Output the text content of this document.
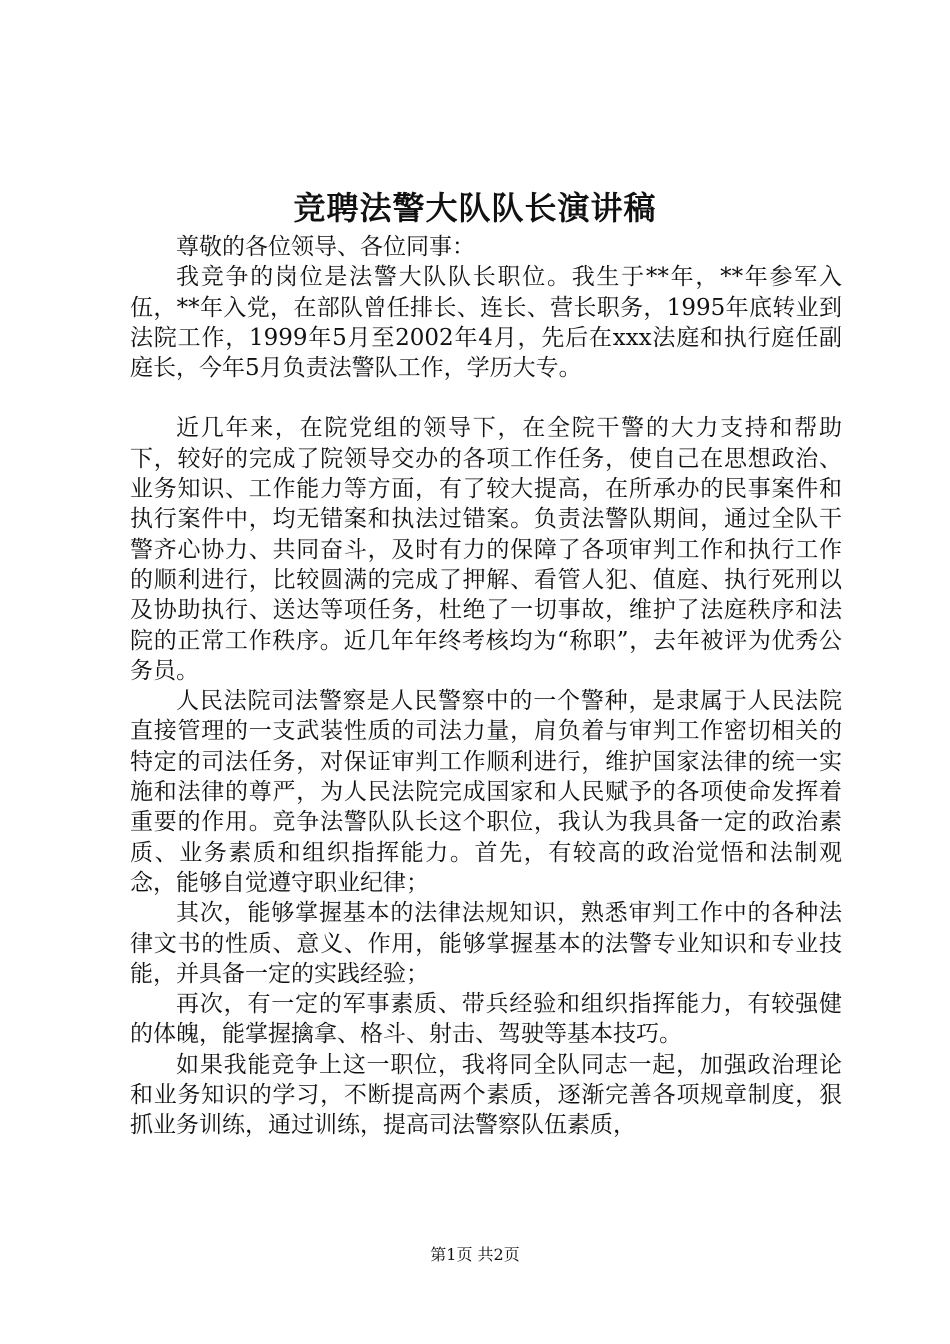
竞聘法警大队队长演讲稿

尊敬的各位领导、各位同事：

我竞争的岗位是法警大队队长职位。我生于**年，**年参军入伍，**年入党，在部队曾任排长、连长、营长职务，1995年底转业到法院工作，1999年5月至2002年4月，先后在xxx法庭和执行庭任副庭长，今年5月负责法警队工作，学历大专。

近几年来，在院党组的领导下，在全院干警的大力支持和帮助下，较好的完成了院领导交办的各项工作任务，使自己在思想政治、业务知识、工作能力等方面，有了较大提高，在所承办的民事案件和执行案件中，均无错案和执法过错案。负责法警队期间，通过全队干警齐心协力、共同奋斗，及时有力的保障了各项审判工作和执行工作的顺利进行，比较圆满的完成了押解、看管人犯、值庭、执行死刑以及协助执行、送达等项任务，杜绝了一切事故，维护了法庭秩序和法院的正常工作秩序。近几年年终考核均为“称职”，去年被评为优秀公务员。

人民法院司法警察是人民警察中的一个警种，是隶属于人民法院直接管理的一支武装性质的司法力量，肩负着与审判工作密切相关的特定的司法任务，对保证审判工作顺利进行，维护国家法律的统一实施和法律的尊严，为人民法院完成国家和人民赋予的各项使命发挥着重要的作用。竞争法警队队长这个职位，我认为我具备一定的政治素质、业务素质和组织指挥能力。首先，有较高的政治觉悟和法制观念，能够自觉遵守职业纪律；

其次，能够掌握基本的法律法规知识，熟悉审判工作中的各种法律文书的性质、意义、作用，能够掌握基本的法警专业知识和专业技能，并具备一定的实践经验；

再次，有一定的军事素质、带兵经验和组织指挥能力，有较强健的体魄，能掌握擒拿、格斗、射击、驾驶等基本技巧。

如果我能竞争上这一职位，我将同全队同志一起，加强政治理论和业务知识的学习，不断提高两个素质，逐渐完善各项规章制度，狠抓业务训练，通过训练，提高司法警察队伍素质，

第1页 共2页
